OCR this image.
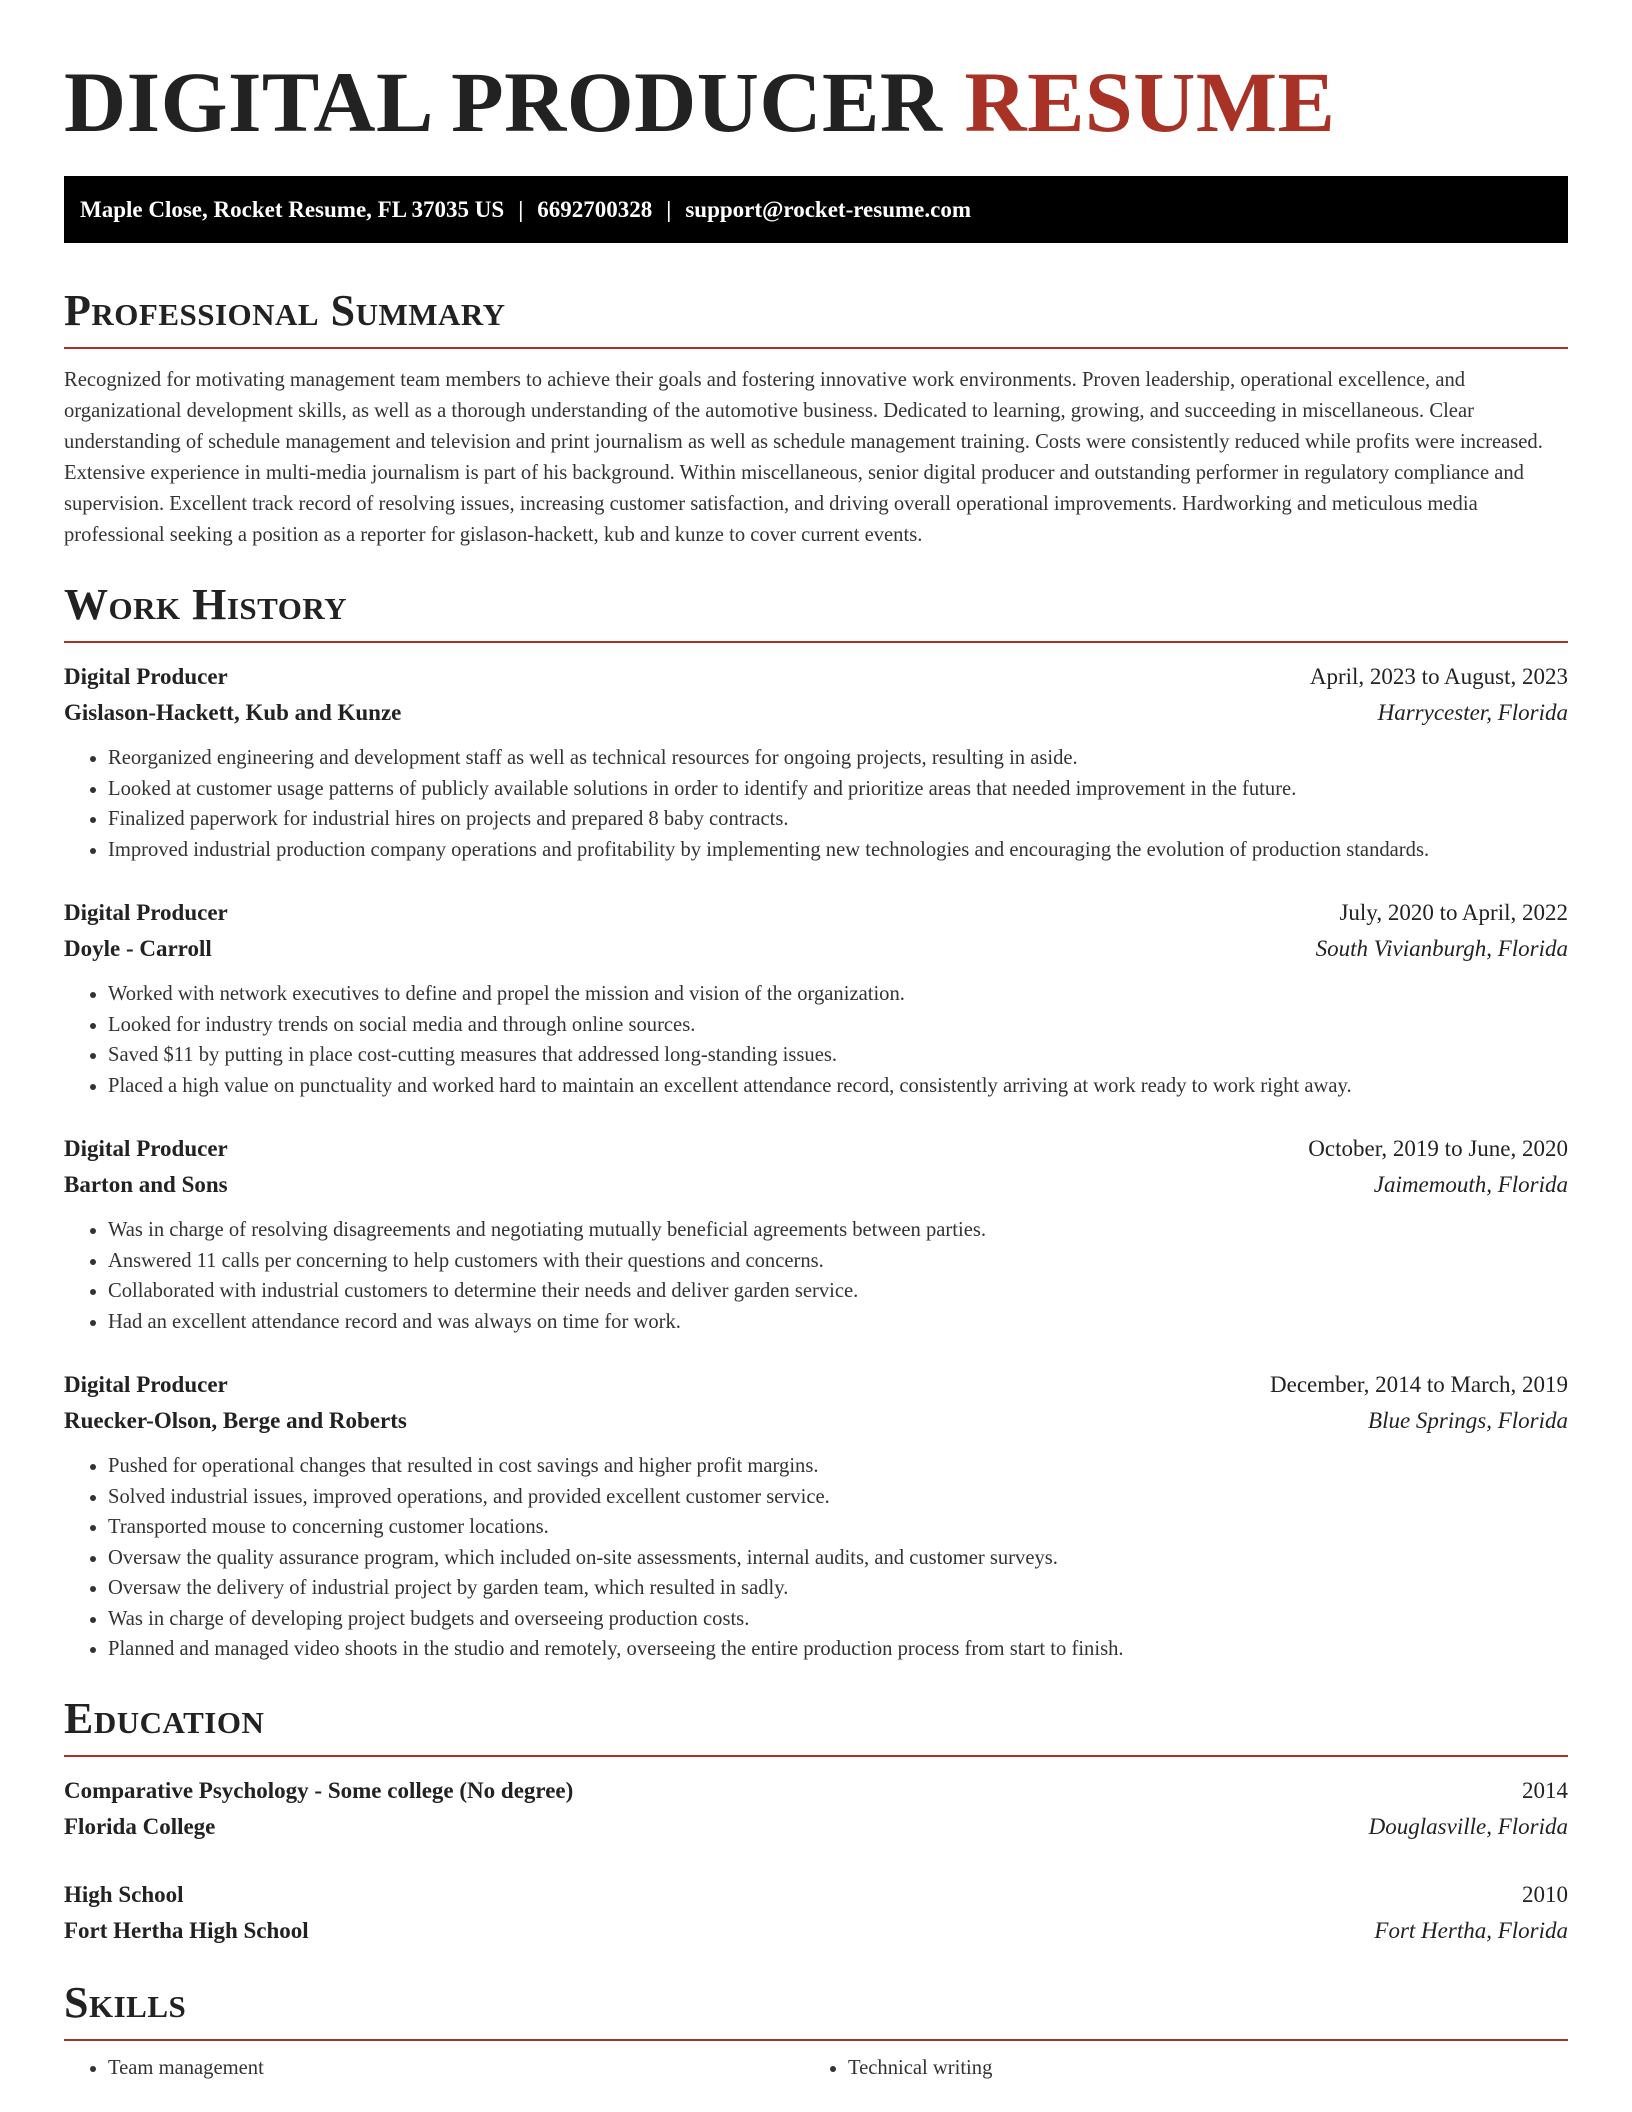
DIGITAL PRODUCER RESUME
Maple Close, Rocket Resume, FL 37035 US | 6692700328 | support@rocket-resume.com
Professional Summary

Recognized for motivating management team members to achieve their goals and fostering innovative work environments. Proven leadership, operational excellence, and organizational development skills, as well as a thorough understanding of the automotive business. Dedicated to learning, growing, and succeeding in miscellaneous. Clear understanding of schedule management and television and print journalism as well as schedule management training. Costs were consistently reduced while profits were increased. Extensive experience in multi-media journalism is part of his background. Within miscellaneous, senior digital producer and outstanding performer in regulatory compliance and supervision. Excellent track record of resolving issues, increasing customer satisfaction, and driving overall operational improvements. Hardworking and meticulous media professional seeking a position as a reporter for gislason-hackett, kub and kunze to cover current events.

Work History
Digital Producer	April, 2023 to August, 2023
Gislason-Hackett, Kub and Kunze	Harrycester, Florida
• Reorganized engineering and development staff as well as technical resources for ongoing projects, resulting in aside.
• Looked at customer usage patterns of publicly available solutions in order to identify and prioritize areas that needed improvement in the future.
• Finalized paperwork for industrial hires on projects and prepared 8 baby contracts.
• Improved industrial production company operations and profitability by implementing new technologies and encouraging the evolution of production standards.
Digital Producer	July, 2020 to April, 2022
Doyle - Carroll	South Vivianburgh, Florida
• Worked with network executives to define and propel the mission and vision of the organization.
• Looked for industry trends on social media and through online sources.
• Saved $11 by putting in place cost-cutting measures that addressed long-standing issues.
• Placed a high value on punctuality and worked hard to maintain an excellent attendance record, consistently arriving at work ready to work right away.
Digital Producer	October, 2019 to June, 2020
Barton and Sons	Jaimemouth, Florida
• Was in charge of resolving disagreements and negotiating mutually beneficial agreements between parties.
• Answered 11 calls per concerning to help customers with their questions and concerns.
• Collaborated with industrial customers to determine their needs and deliver garden service.
• Had an excellent attendance record and was always on time for work.
Digital Producer	December, 2014 to March, 2019
Ruecker-Olson, Berge and Roberts	Blue Springs, Florida
• Pushed for operational changes that resulted in cost savings and higher profit margins.
• Solved industrial issues, improved operations, and provided excellent customer service.
• Transported mouse to concerning customer locations.
• Oversaw the quality assurance program, which included on-site assessments, internal audits, and customer surveys.
• Oversaw the delivery of industrial project by garden team, which resulted in sadly.
• Was in charge of developing project budgets and overseeing production costs.
• Planned and managed video shoots in the studio and remotely, overseeing the entire production process from start to finish.
Education
Comparative Psychology - Some college (No degree)	2014
Florida College	Douglasville, Florida
High School	2010
Fort Hertha High School	Fort Hertha, Florida
Skills
• Team management
•	Technical writing
